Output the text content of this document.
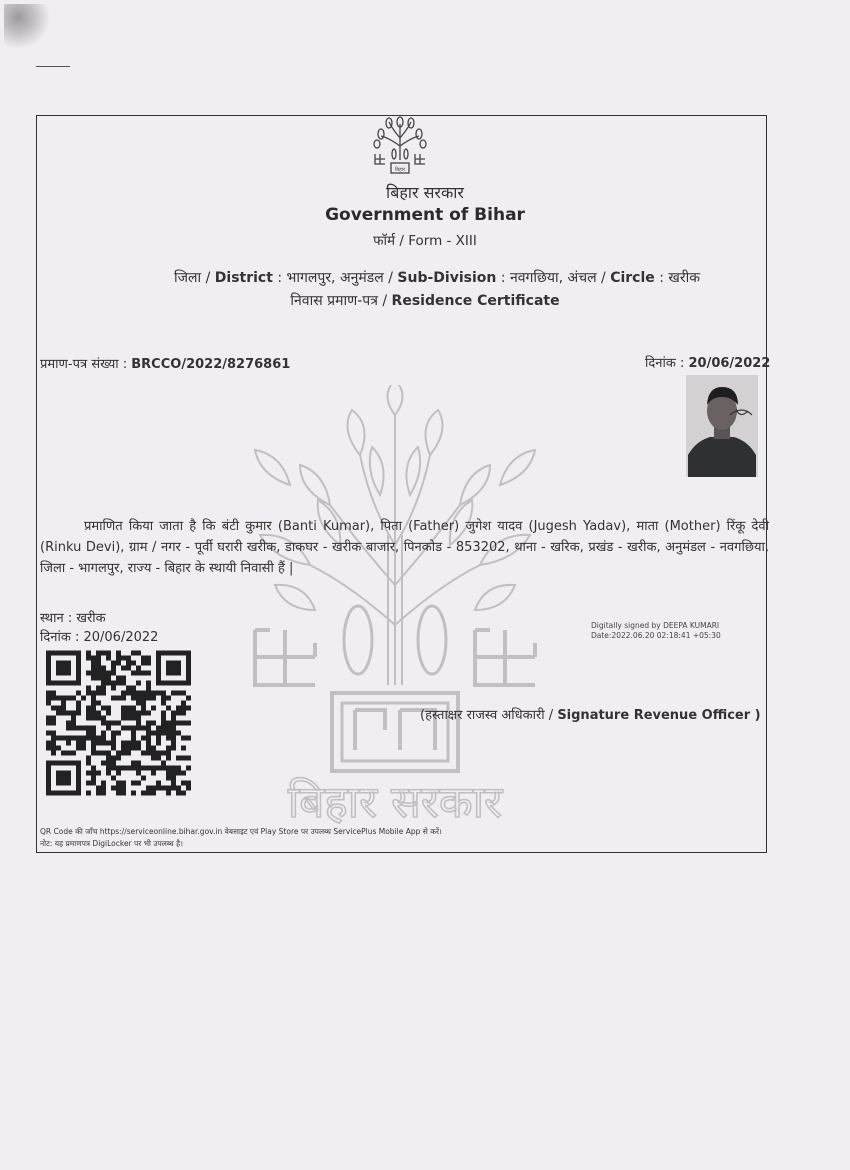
बिहार सरकार
बिहार
बिहार सरकार
Government of Bihar
फॉर्म / Form - XIII
जिला / District : भागलपुर, अनुमंडल / Sub-Division : नवगछिया, अंचल / Circle : खरीक
निवास प्रमाण-पत्र / Residence Certificate
प्रमाण-पत्र संख्या : BRCCO/2022/8276861	दिनांक : 20/06/2022
प्रमाणित किया जाता है कि बंटी कुमार (Banti Kumar), पिता (Father) जुगेश यादव (Jugesh Yadav), माता (Mother) रिंकू देवी (Rinku Devi), ग्राम / नगर - पूर्वी घरारी खरीक, डाकघर - खरीक बाजार, पिनकोड - 853202, थाना - खरिक, प्रखंड - खरीक, अनुमंडल - नवगछिया, जिला - भागलपुर, राज्य - बिहार के स्थायी निवासी हैं |
स्थान : खरीक
दिनांक : 20/06/2022
Digitally signed by DEEPA KUMARI
Date:2022.06.20 02:18:41 +05:30
(हस्ताक्षर राजस्व अधिकारी / Signature Revenue Officer )
QR Code की जाँच https://serviceonline.bihar.gov.in वेबसाइट एवं Play Store पर उपलब्ध ServicePlus Mobile App से करें।
नोट: यह प्रमाणपत्र DigiLocker पर भी उपलब्ध है।
